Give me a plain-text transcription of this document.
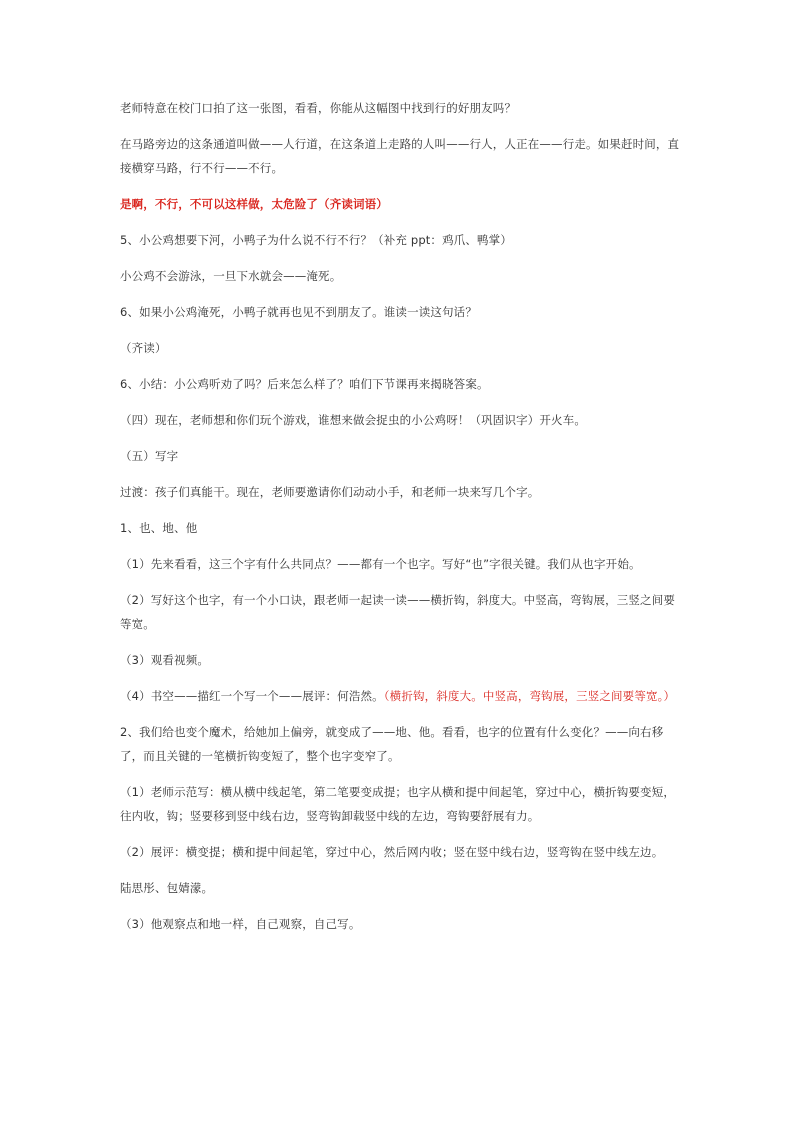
老师特意在校门口拍了这一张图，看看，你能从这幅图中找到行的好朋友吗？

在马路旁边的这条通道叫做——人行道，在这条道上走路的人叫——行人，人正在——行走。如果赶时间，直接横穿马路，行不行——不行。

是啊，不行，不可以这样做，太危险了（齐读词语）

5、小公鸡想要下河，小鸭子为什么说不行不行？（补充 ppt：鸡爪、鸭掌）

小公鸡不会游泳，一旦下水就会——淹死。

6、如果小公鸡淹死，小鸭子就再也见不到朋友了。谁读一读这句话？

（齐读）

6、小结：小公鸡听劝了吗？后来怎么样了？咱们下节课再来揭晓答案。

（四）现在，老师想和你们玩个游戏，谁想来做会捉虫的小公鸡呀！（巩固识字）开火车。

（五）写字

过渡：孩子们真能干。现在，老师要邀请你们动动小手，和老师一块来写几个字。

1、也、地、他

（1）先来看看，这三个字有什么共同点？——都有一个也字。写好“也”字很关键。我们从也字开始。

（2）写好这个也字，有一个小口诀，跟老师一起读一读——横折钩，斜度大。中竖高，弯钩展，三竖之间要等宽。

（3）观看视频。

（4）书空——描红一个写一个——展评：何浩然。（横折钩，斜度大。中竖高，弯钩展，三竖之间要等宽。）

2、我们给也变个魔术，给她加上偏旁，就变成了——地、他。看看，也字的位置有什么变化？——向右移了，而且关键的一笔横折钩变短了，整个也字变窄了。

（1）老师示范写：横从横中线起笔，第二笔要变成提；也字从横和提中间起笔，穿过中心，横折钩要变短，往内收，钩；竖要移到竖中线右边，竖弯钩卸载竖中线的左边，弯钩要舒展有力。

（2）展评：横变提；横和提中间起笔，穿过中心，然后网内收；竖在竖中线右边，竖弯钩在竖中线左边。

陆思彤、包婧濛。

（3）他观察点和地一样，自己观察，自己写。
